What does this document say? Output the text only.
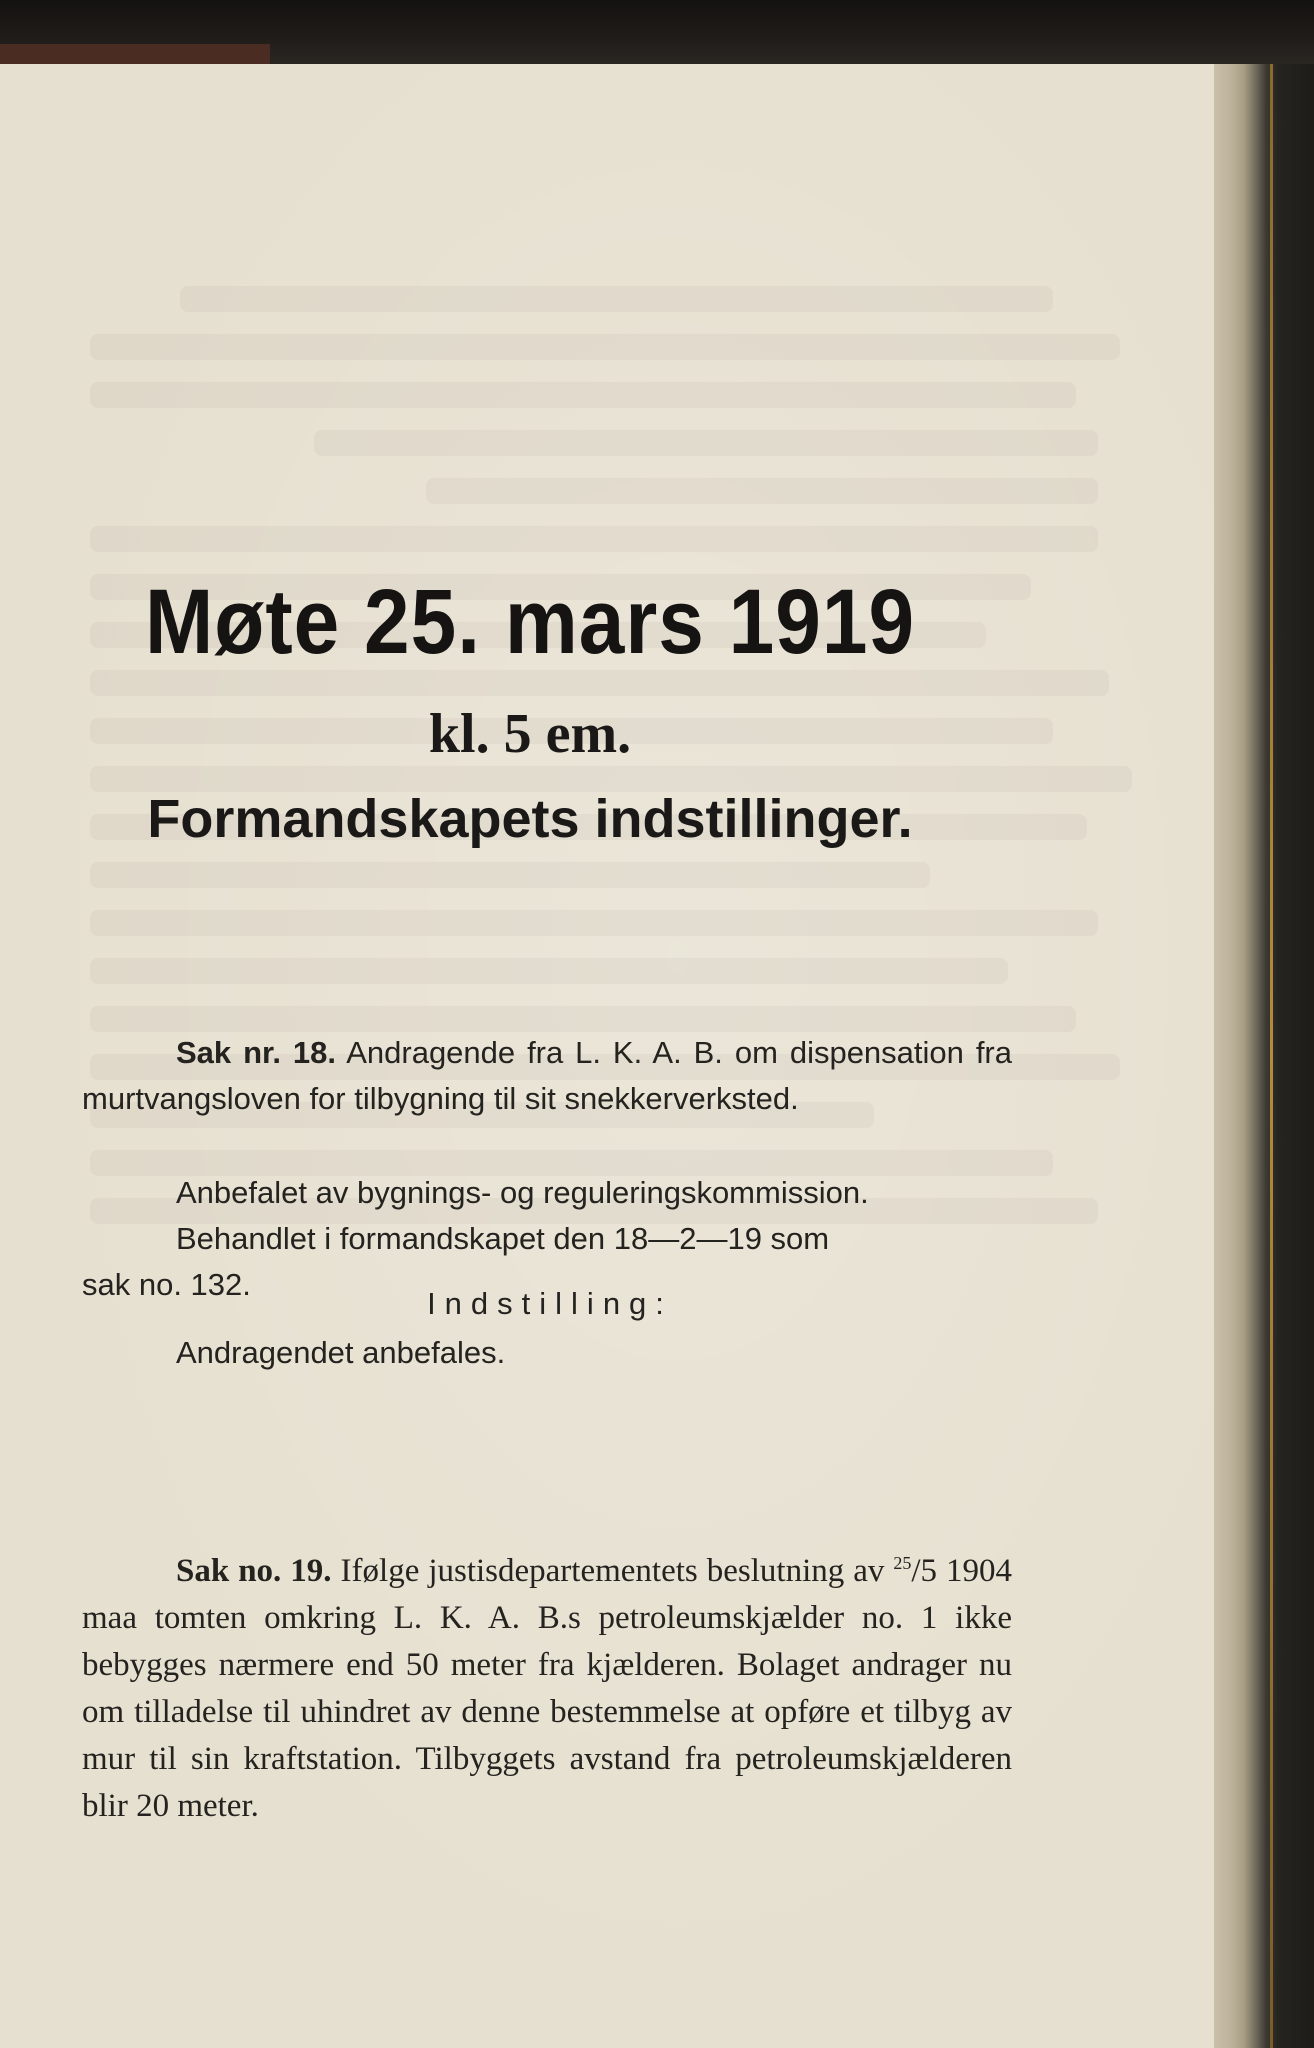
Møte 25. mars 1919
kl. 5 em.
Formandskapets indstillinger.

Sak nr. 18. Andragende fra L. K. A. B. om dispensation fra murtvangsloven for tilbygning til sit snekkerverksted.

Anbefalet av bygnings- og reguleringskommission.

Behandlet i formandskapet den 18—2—19 som

sak no. 132.

Indstilling:

Andragendet anbefales.

Sak no. 19. Ifølge justisdepartementets beslutning av $^{25}$/5 1904 maa tomten omkring L. K. A. B.s petroleumskjælder no. 1 ikke bebygges nærmere end 50 meter fra kjælderen. Bolaget andrager nu om tilladelse til uhindret av denne bestemmelse at opføre et tilbyg av mur til sin kraftstation. Tilbyggets avstand fra petroleumskjælderen blir 20 meter.
